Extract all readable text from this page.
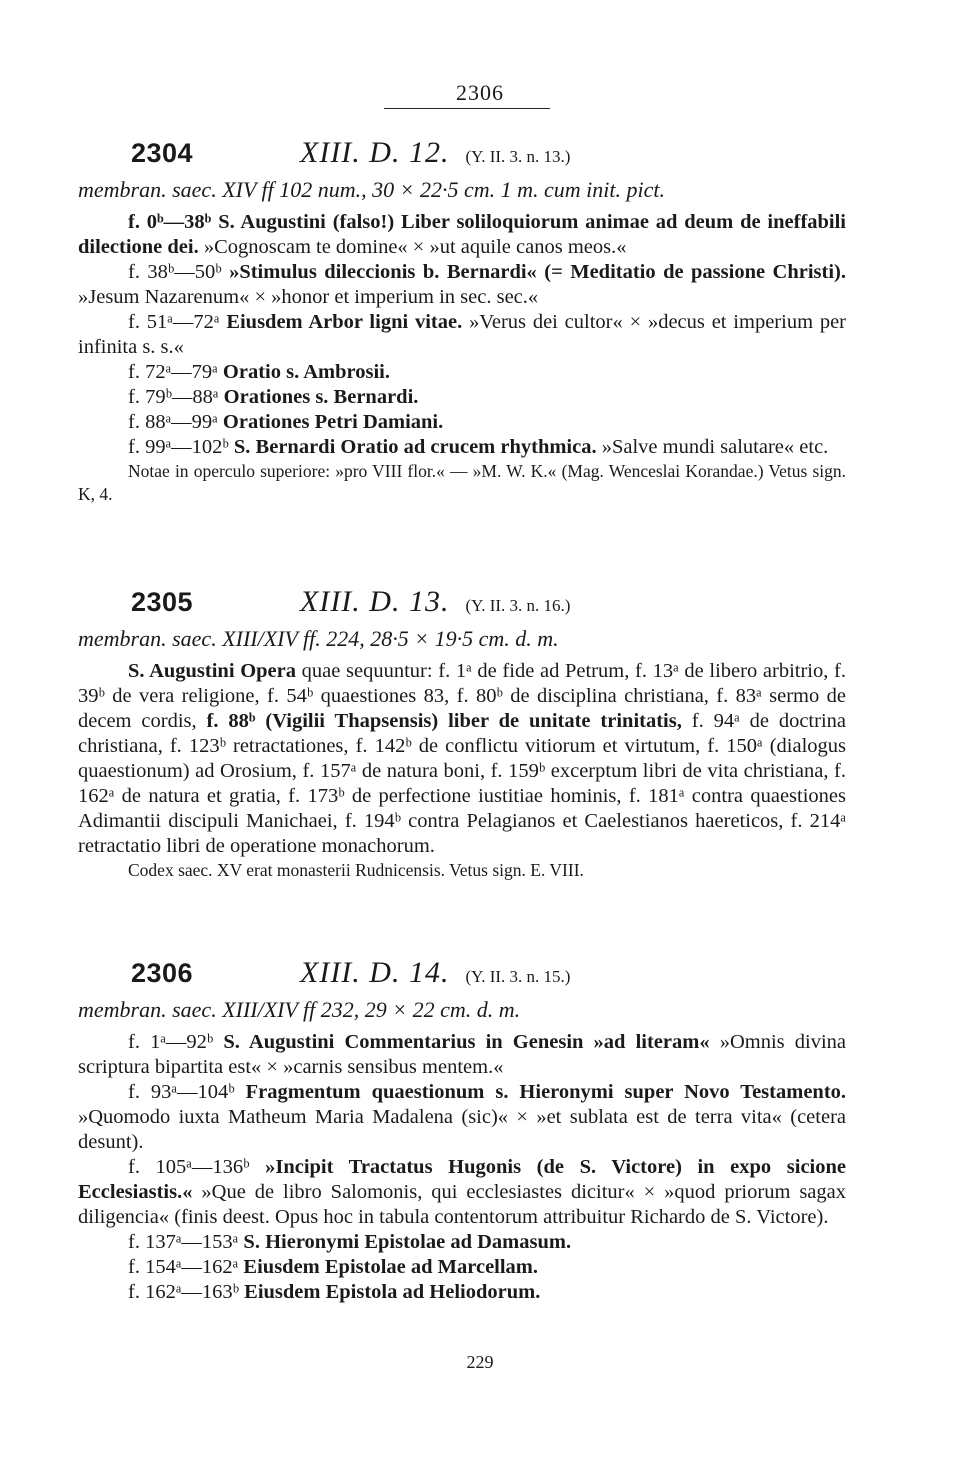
2306
2304	XIII. D. 12. (Y. II. 3. n. 13.)
membran. saec. XIV ff 102 num., 30 × 22·5 cm. 1 m. cum init. pict.

f. 0ᵇ—38ᵇ S. Augustini (falso!) Liber soliloquiorum animae ad deum de ineffabili dilectione dei. »Cognoscam te domine« × »ut aquile canos meos.«

f. 38ᵇ—50ᵇ »Stimulus dileccionis b. Bernardi« (= Meditatio de passione Christi). »Jesum Nazarenum« × »honor et imperium in sec. sec.«

f. 51ᵃ—72ᵃ Eiusdem Arbor ligni vitae. »Verus dei cultor« × »decus et imperium per infinita s. s.«

f. 72ᵃ—79ᵃ Oratio s. Ambrosii.

f. 79ᵇ—88ᵃ Orationes s. Bernardi.

f. 88ᵃ—99ᵃ Orationes Petri Damiani.

f. 99ᵃ—102ᵇ S. Bernardi Oratio ad crucem rhythmica. »Salve mundi salutare« etc.

Notae in operculo superiore: »pro VIII flor.« — »M. W. K.« (Mag. Wenceslai Korandae.) Vetus sign. K, 4.

2305	XIII. D. 13. (Y. II. 3. n. 16.)
membran. saec. XIII/XIV ff. 224, 28·5 × 19·5 cm. d. m.

S. Augustini Opera quae sequuntur: f. 1ᵃ de fide ad Petrum, f. 13ᵃ de libero arbitrio, f. 39ᵇ de vera religione, f. 54ᵇ quaestiones 83, f. 80ᵇ de disciplina christiana, f. 83ᵃ sermo de decem cordis, f. 88ᵇ (Vigilii Thapsensis) liber de unitate trinitatis, f. 94ᵃ de doctrina christiana, f. 123ᵇ retractationes, f. 142ᵇ de conflictu vitiorum et virtutum, f. 150ᵃ (dialogus quaestionum) ad Orosium, f. 157ᵃ de natura boni, f. 159ᵇ excerptum libri de vita christiana, f. 162ᵃ de natura et gratia, f. 173ᵇ de perfectione iustitiae hominis, f. 181ᵃ contra quaestiones Adimantii discipuli Manichaei, f. 194ᵇ contra Pelagianos et Caelestianos haereticos, f. 214ᵃ retractatio libri de operatione monachorum.

Codex saec. XV erat monasterii Rudnicensis. Vetus sign. E. VIII.

2306	XIII. D. 14. (Y. II. 3. n. 15.)
membran. saec. XIII/XIV ff 232, 29 × 22 cm. d. m.

f. 1ᵃ—92ᵇ S. Augustini Commentarius in Genesin »ad literam« »Omnis divina scriptura bipartita est« × »carnis sensibus mentem.«

f. 93ᵃ—104ᵇ Fragmentum quaestionum s. Hieronymi super Novo Testamento. »Quomodo iuxta Matheum Maria Madalena (sic)« × »et sublata est de terra vita« (cetera desunt).

f. 105ᵃ—136ᵇ »Incipit Tractatus Hugonis (de S. Victore) in expo sicione Ecclesiastis.« »Que de libro Salomonis, qui ecclesiastes dicitur« × »quod priorum sagax diligencia« (finis deest. Opus hoc in tabula contentorum attribuitur Richardo de S. Victore).

f. 137ᵃ—153ᵃ S. Hieronymi Epistolae ad Damasum.

f. 154ᵃ—162ᵃ Eiusdem Epistolae ad Marcellam.

f. 162ᵃ—163ᵇ Eiusdem Epistola ad Heliodorum.

229
